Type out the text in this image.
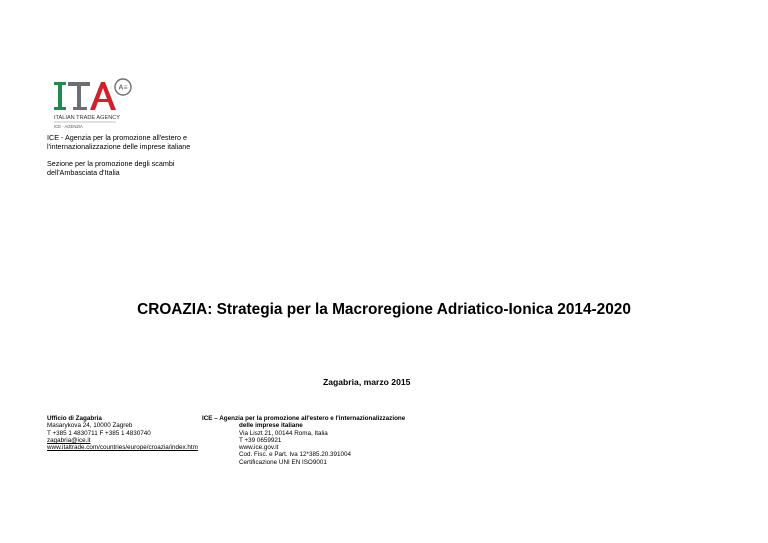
A≡
ITALIAN TRADE AGENCY
ICE - AGENZIA
ICE - Agenzia per la promozione all'estero e
l'internazionalizzazione delle imprese italiane
Sezione per la promozione degli scambi
dell'Ambasciata d'Italia
CROAZIA: Strategia per la Macroregione Adriatico-Ionica 2014-2020
Zagabria, marzo 2015
Ufficio di Zagabria
Masarykova 24, 10000 Zagreb
T +385 1 4830711 F +385 1 4830740
zagabria@ice.it
www.italtrade.com/countries/europe/croazia/index.htm
ICE – Agenzia per la promozione all'estero e l'internazionalizzazione
delle imprese italiane
Via Liszt 21, 00144 Roma, Italia
T +39 0659921
www.ice.gov.it
Cod. Fisc. e Part. Iva 12*385.20.391004
Certificazione UNI EN ISO9001
